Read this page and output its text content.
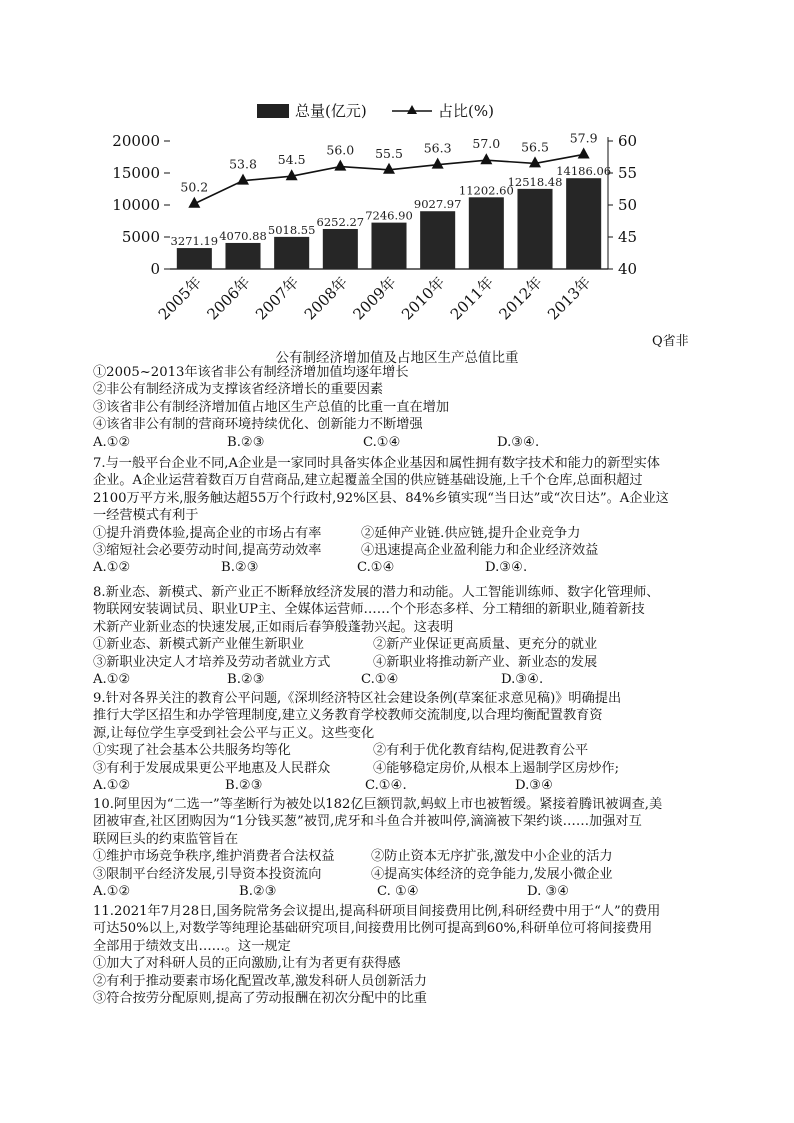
总量(亿元)	占比(%)
0
5000
10000
15000
20000
40
45
50
55
60
3271.19 4070.88 5018.55
6252.27 7246.90
9027.97
11202.60
12518.48
14186.06
50.2
53.8 54.5
56.0 55.5 56.3 57.0 56.5
57.9
2005年
2006年
2007年
2008年
2009年
2010年
2011年
2012年
2013年
Q省非
公有制经济增加值及占地区生产总值比重
①2005~2013年该省非公有制经济增加值均逐年增长
②非公有制经济成为支撑该省经济增长的重要因素
③该省非公有制经济增加值占地区生产总值的比重一直在增加
④该省非公有制的营商环境持续优化、创新能力不断增强
A.①②	B.②③	C.①④	D.③④.
7.与一般平台企业不同,A企业是一家同时具备实体企业基因和属性拥有数字技术和能力的新型实体
企业。A企业运营着数百万自营商品,建立起覆盖全国的供应链基础设施,上千个仓库,总面积超过
2100万平方米,服务触达超55万个行政村,92%区县、84%乡镇实现“当日达”或“次日达”。A企业这
一经营模式有利于
①提升消费体验,提高企业的市场占有率	②延伸产业链.供应链,提升企业竞争力
③缩短社会必要劳动时间,提高劳动效率	④迅速提高企业盈利能力和企业经济效益
A.①②	B.②③	C.①④	D.③④.
8.新业态、新模式、新产业正不断释放经济发展的潜力和动能。人工智能训练师、数字化管理师、
物联网安装调试员、职业UP主、全媒体运营师……个个形态多样、分工精细的新职业,随着新技
术新产业新业态的快速发展,正如雨后春笋般蓬勃兴起。这表明
①新业态、新模式新产业催生新职业	②新产业保证更高质量、更充分的就业
③新职业决定人才培养及劳动者就业方式	④新职业将推动新产业、新业态的发展
A.①②	B.②③	C.①④	D.③④.
9.针对各界关注的教育公平问题,《深圳经济特区社会建设条例(草案征求意见稿)》明确提出
推行大学区招生和办学管理制度,建立义务教育学校教师交流制度,以合理均衡配置教育资
源,让每位学生享受到社会公平与正义。这些变化
①实现了社会基本公共服务均等化	②有利于优化教育结构,促进教育公平
③有利于发展成果更公平地惠及人民群众	④能够稳定房价,从根本上遏制学区房炒作;
A.①②	B.②③	C.①④.	D.③④
10.阿里因为“二选一”等垄断行为被处以182亿巨额罚款,蚂蚁上市也被暂缓。紧接着腾讯被调查,美
团被审查,社区团购因为“1分钱买葱”被罚,虎牙和斗鱼合并被叫停,滴滴被下架约谈……加强对互
联网巨头的约束监管旨在
①维护市场竞争秩序,维护消费者合法权益	②防止资本无序扩张,激发中小企业的活力
③限制平台经济发展,引导资本投资流向	④提高实体经济的竞争能力,发展小微企业
A.①②	B.②③	C. ①④	D. ③④
11.2021年7月28日,国务院常务会议提出,提高科研项目间接费用比例,科研经费中用于“人”的费用
可达50%以上,对数学等纯理论基础研究项目,间接费用比例可提高到60%,科研单位可将间接费用
全部用于绩效支出……。这一规定
①加大了对科研人员的正向激励,让有为者更有获得感
②有利于推动要素市场化配置改革,激发科研人员创新活力
③符合按劳分配原则,提高了劳动报酬在初次分配中的比重
